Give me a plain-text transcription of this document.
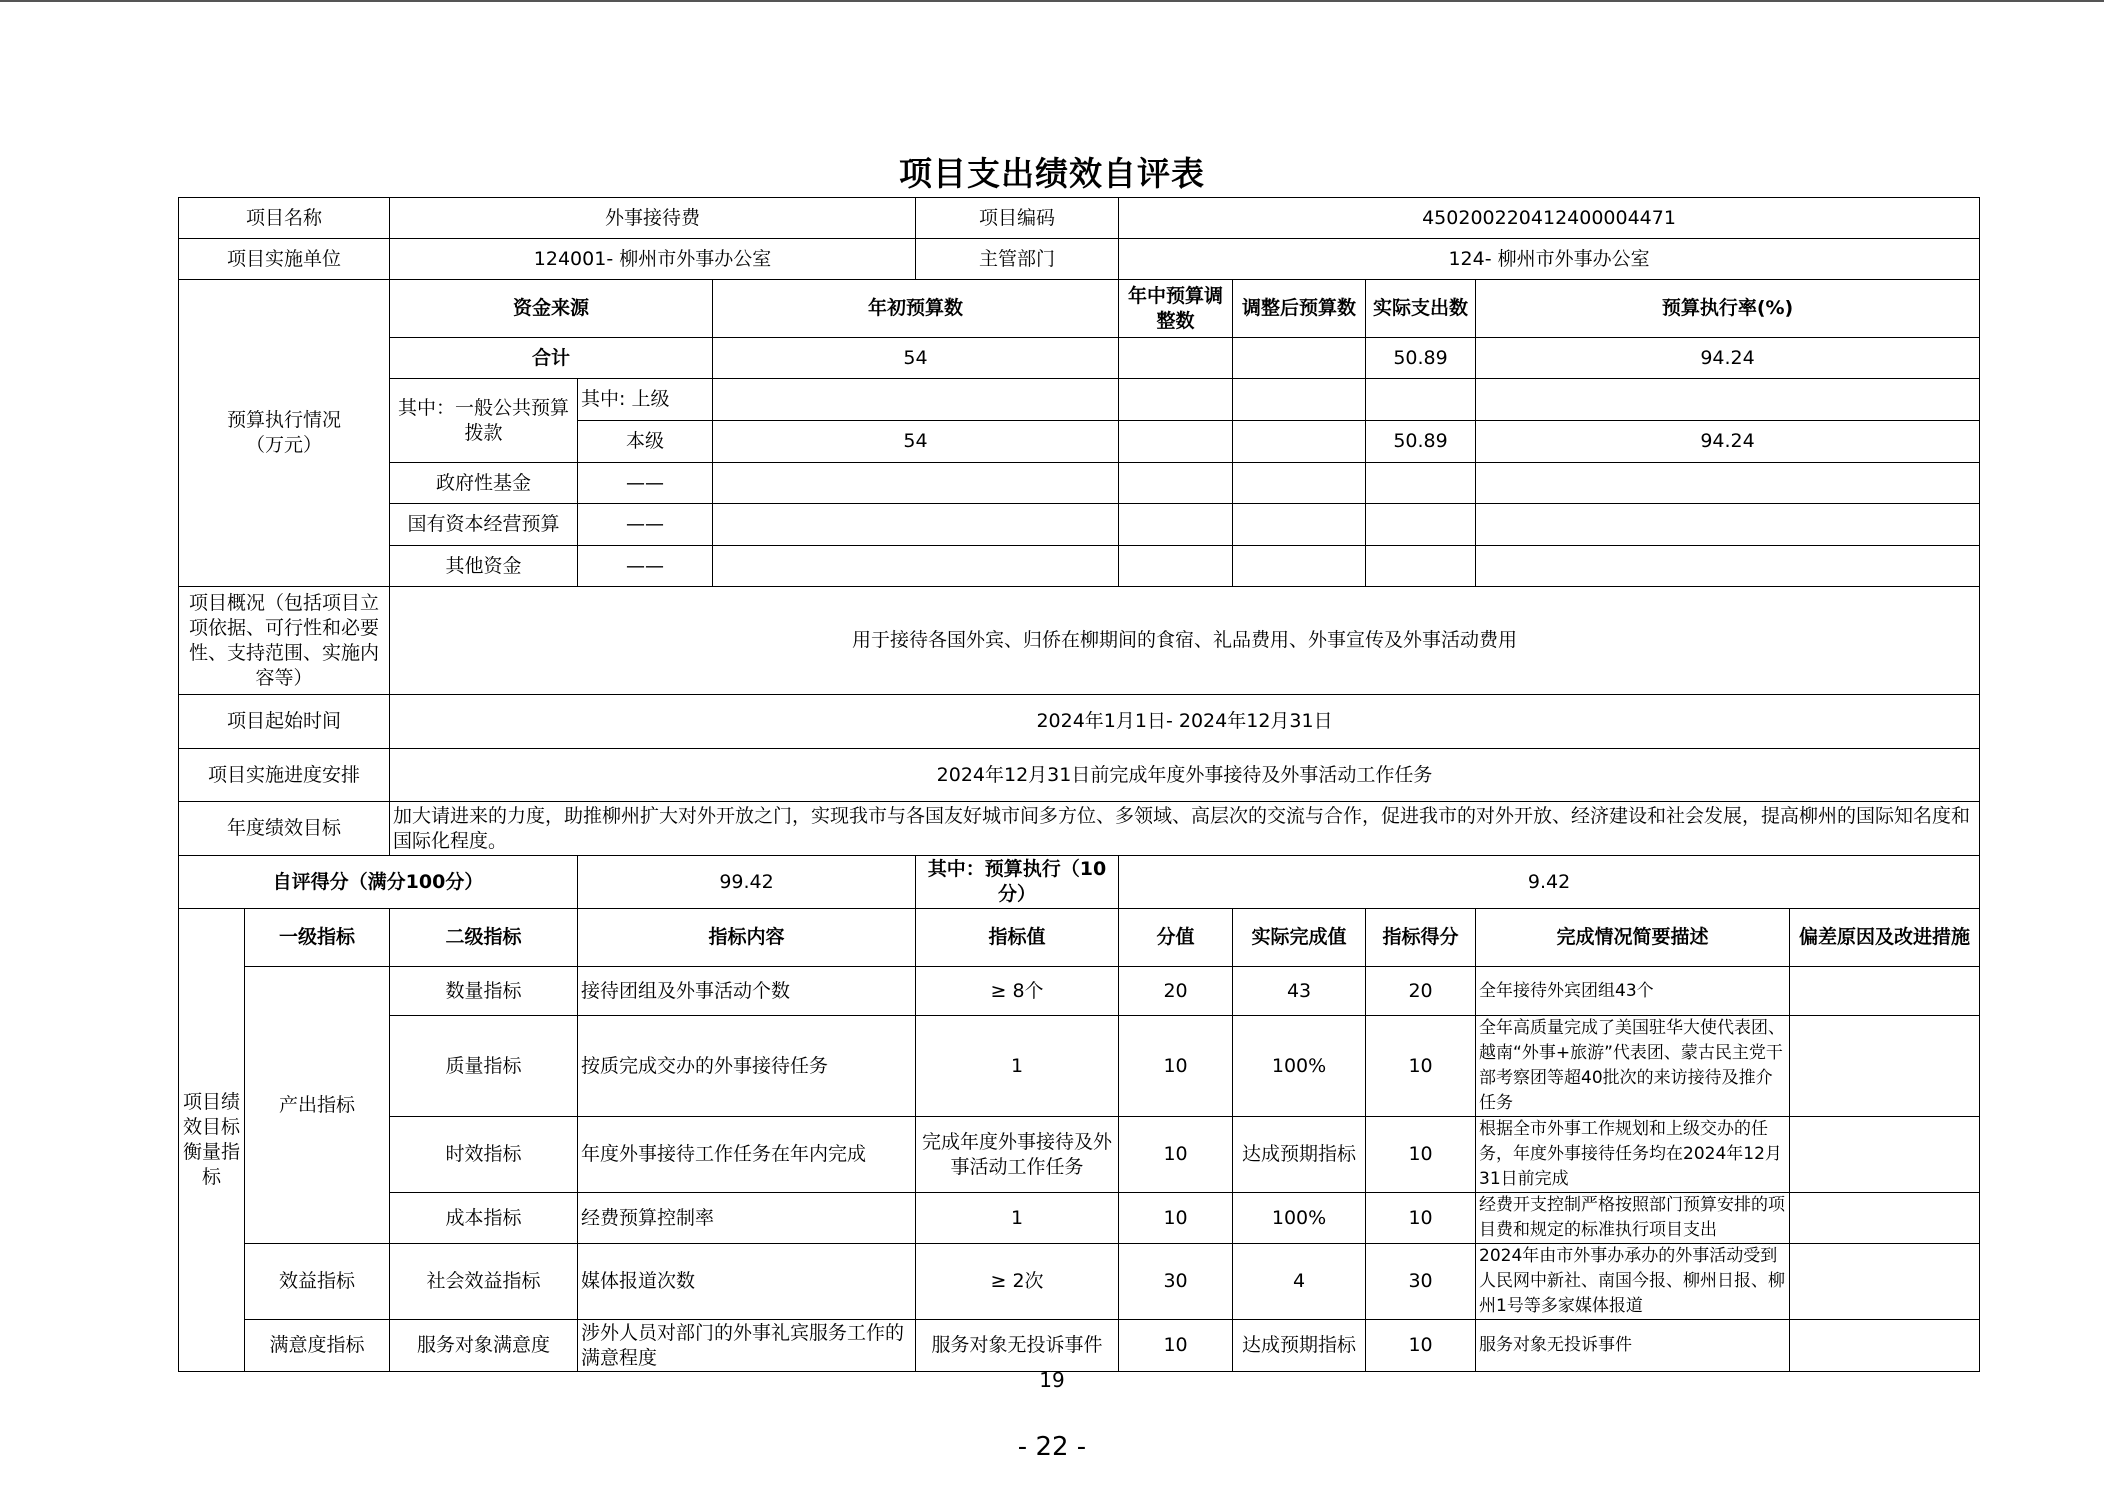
项目支出绩效自评表
项目名称		外事接待费			项目编码	450200220412400004471				
项目实施单位		124001- 柳州市外事办公室			主管部门	124- 柳州市外事办公室				
预算执行情况
（万元）		资金来源		年初预算数		年中预算调整数	调整后预算数	实际支出数	预算执行率(%)	
		合计		54				50.89	94.24	
		其中：一般公共预算拨款	其中: 上级							
			本级	54				50.89	94.24	
		政府性基金	——							
		国有资本经营预算	——							
		其他资金	——							
项目概况（包括项目立项依据、可行性和必要性、支持范围、实施内容等）		用于接待各国外宾、归侨在柳期间的食宿、礼品费用、外事宣传及外事活动费用								
项目起始时间		2024年1月1日- 2024年12月31日								
项目实施进度安排		2024年12月31日前完成年度外事接待及外事活动工作任务								
年度绩效目标		加大请进来的力度，助推柳州扩大对外开放之门，实现我市与各国友好城市间多方位、多领域、高层次的交流与合作，促进我市的对外开放、经济建设和社会发展，提高柳州的国际知名度和国际化程度。								
自评得分（满分100分）			99.42		其中：预算执行（10分）	9.42				
项目绩效目标衡量指标	一级指标	二级指标	指标内容		指标值	分值	实际完成值	指标得分	完成情况简要描述	偏差原因及改进措施
	产出指标	数量指标	接待团组及外事活动个数		≥ 8个	20	43	20	全年接待外宾团组43个	
		质量指标	按质完成交办的外事接待任务		1	10	100%	10	全年高质量完成了美国驻华大使代表团、越南“外事+旅游”代表团、蒙古民主党干部考察团等超40批次的来访接待及推介任务	
		时效指标	年度外事接待工作任务在年内完成		完成年度外事接待及外事活动工作任务	10	达成预期指标	10	根据全市外事工作规划和上级交办的任务，年度外事接待任务均在2024年12月31日前完成	
		成本指标	经费预算控制率		1	10	100%	10	经费开支控制严格按照部门预算安排的项目费和规定的标准执行项目支出	
	效益指标	社会效益指标	媒体报道次数		≥ 2次	30	4	30	2024年由市外事办承办的外事活动受到人民网中新社、南国今报、柳州日报、柳州1号等多家媒体报道	
	满意度指标	服务对象满意度	涉外人员对部门的外事礼宾服务工作的满意程度		服务对象无投诉事件	10	达成预期指标	10	服务对象无投诉事件	
19
- 22 -
